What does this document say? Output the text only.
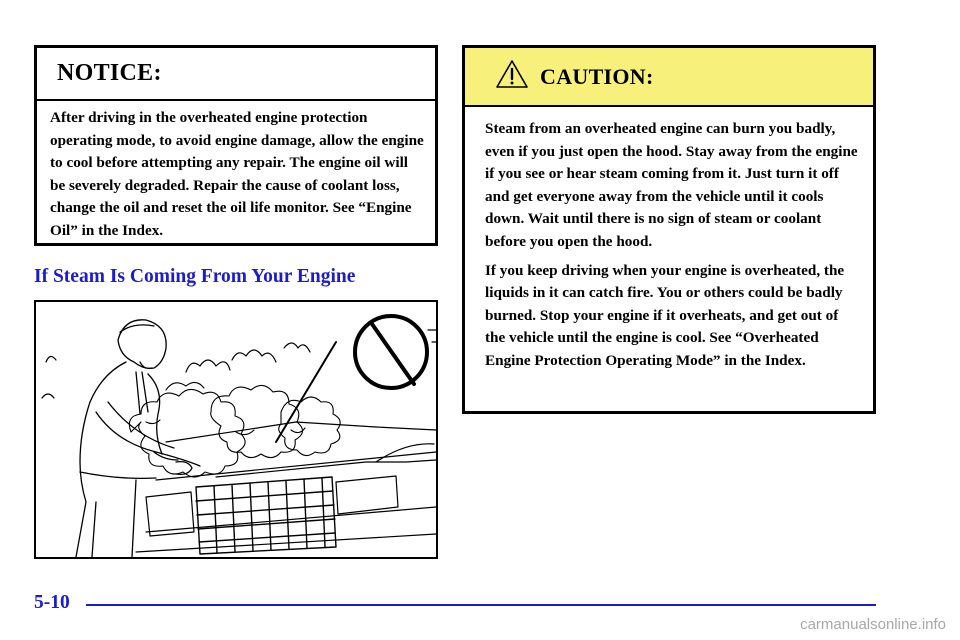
NOTICE:
After driving in the overheated engine protection operating mode, to avoid engine damage, allow the engine to cool before attempting any repair. The engine oil will be severely degraded. Repair the cause of coolant loss, change the oil and reset the oil life monitor. See “Engine Oil” in the Index.
If Steam Is Coming From Your Engine
CAUTION:

Steam from an overheated engine can burn you badly, even if you just open the hood. Stay away from the engine if you see or hear steam coming from it. Just turn it off and get everyone away from the vehicle until it cools down. Wait until there is no sign of steam or coolant before you open the hood.

If you keep driving when your engine is overheated, the liquids in it can catch fire. You or others could be badly burned. Stop your engine if it overheats, and get out of the vehicle until the engine is cool. See “Overheated Engine Protection Operating Mode” in the Index.

5-10
carmanualsonline.info
